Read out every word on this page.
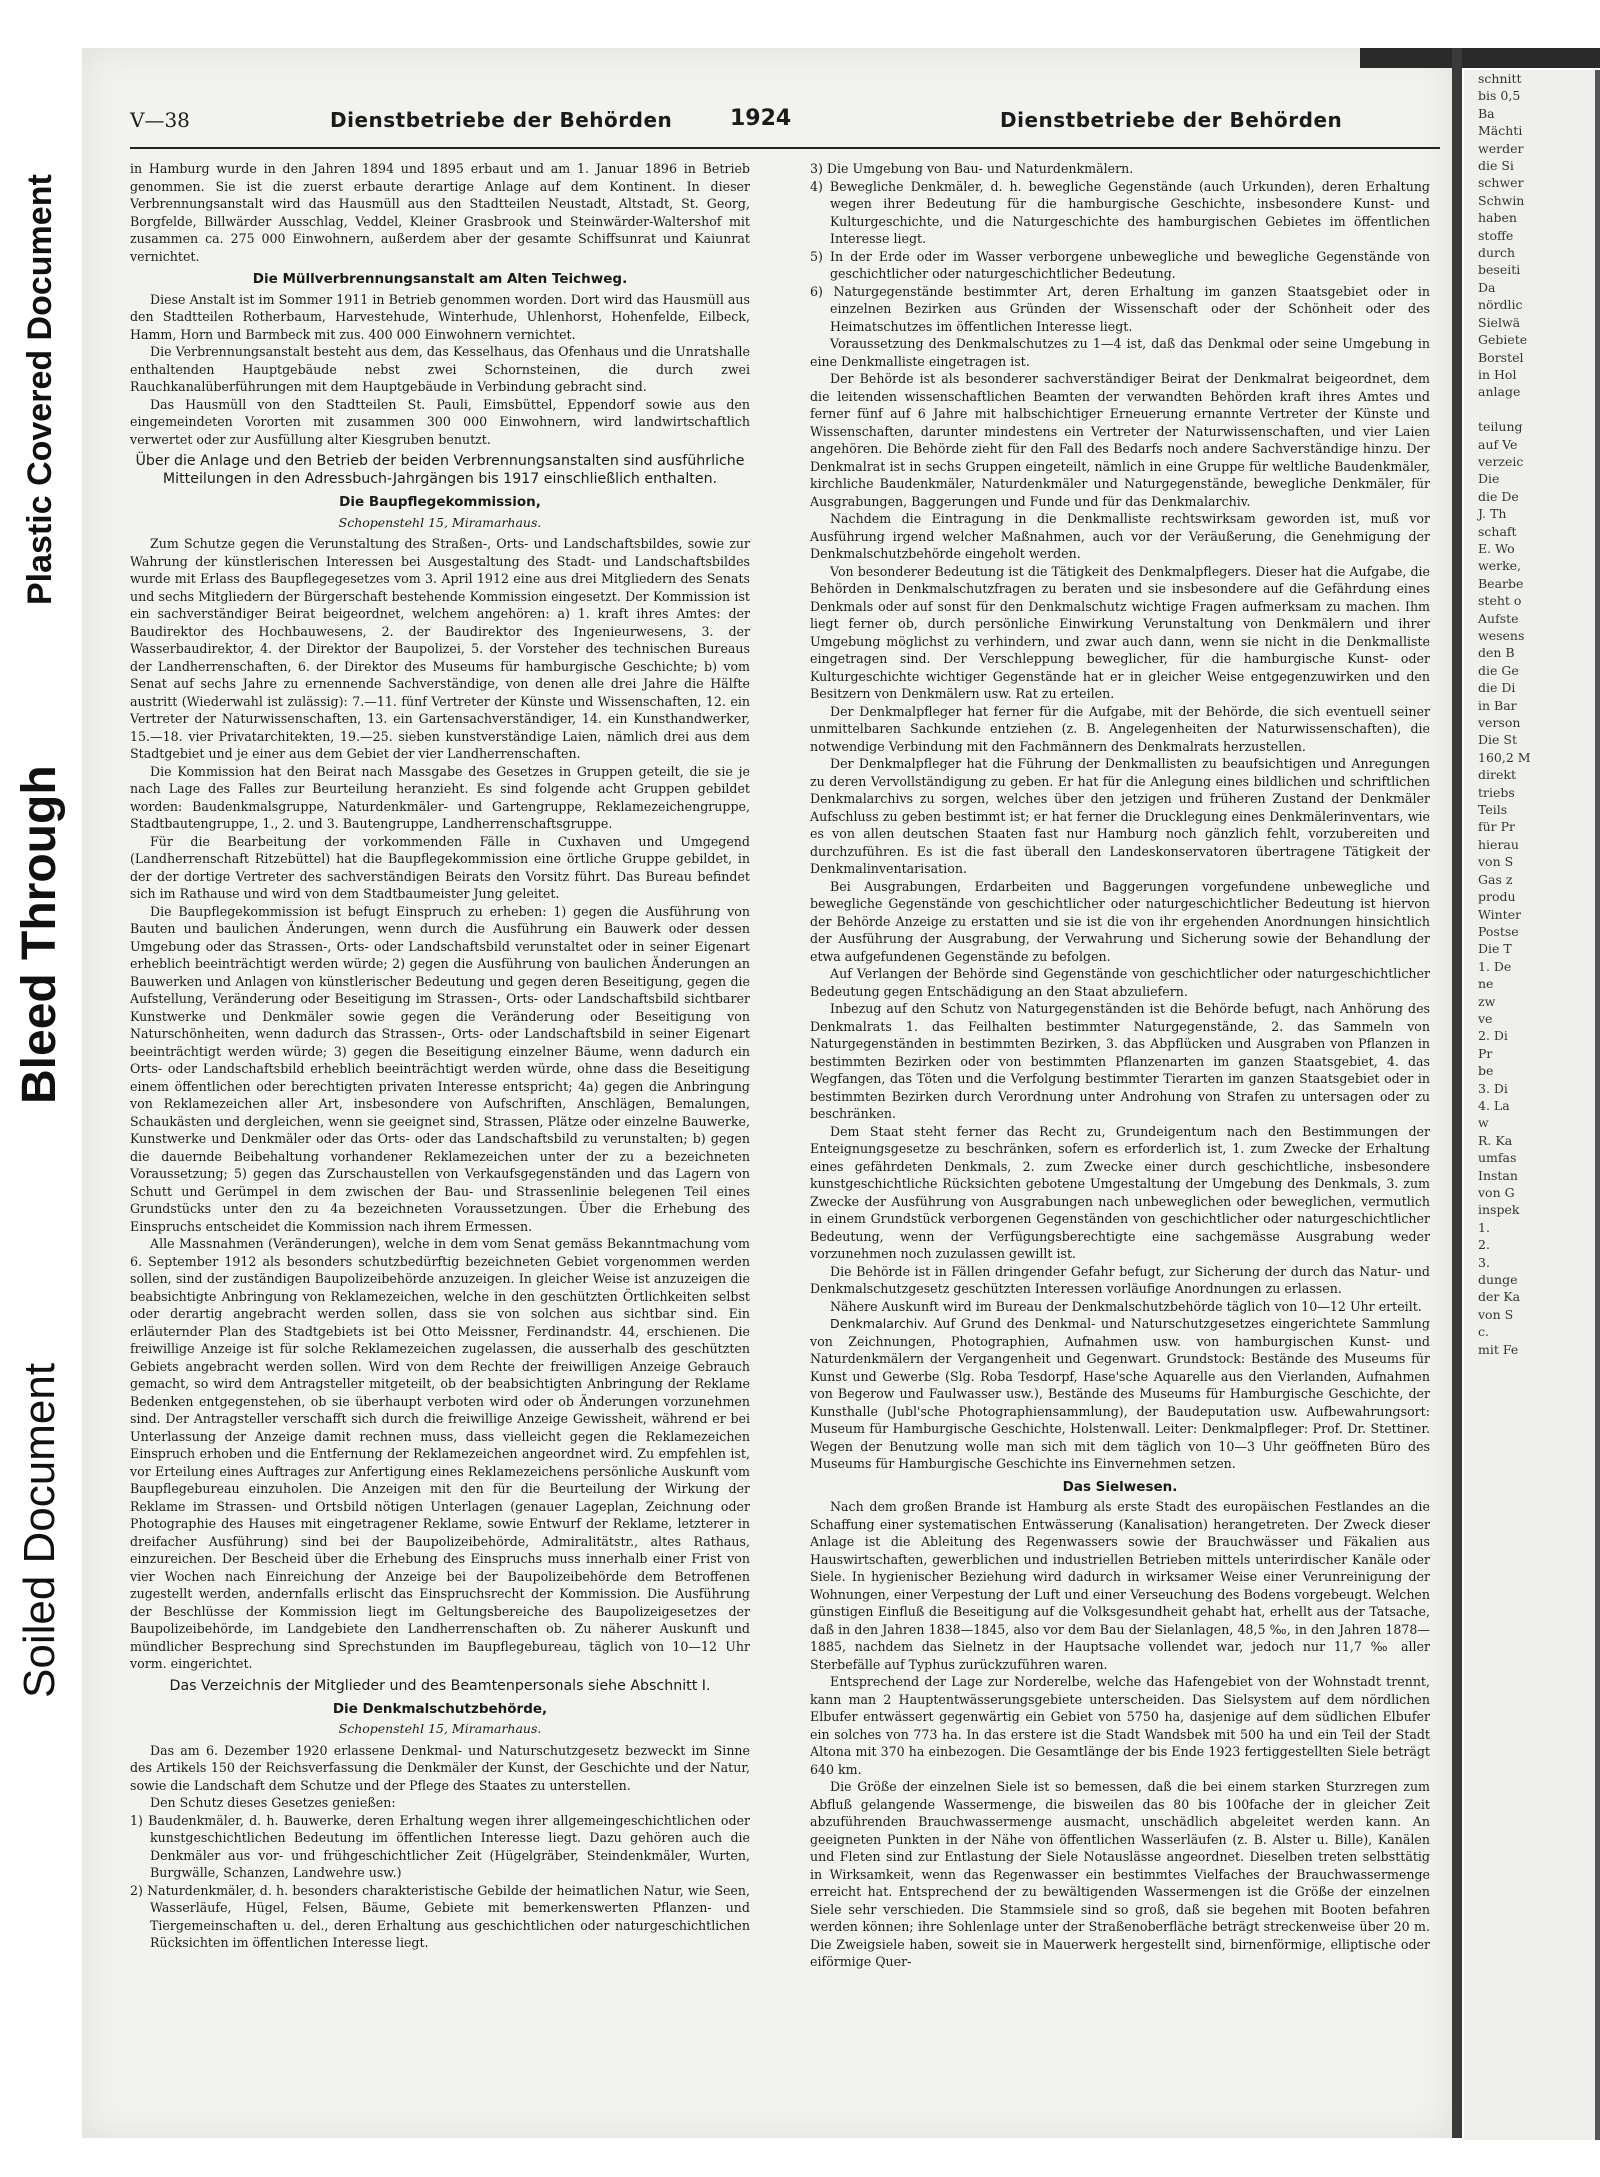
Plastic Covered Document
Bleed Through
Soiled Document
schnitt
bis 0,5
Ba
Mächti
werder
die Si
schwer
Schwin
haben
stoffe
durch
beseiti
Da
nördlic
Sielwä
Gebiete
Borstel
in Hol
anlage

teilung
auf Ve
verzeic
Die
die De
J. Th
schaft
E. Wo
werke,
Bearbe
steht o
Aufste
wesens
den B
die Ge
die Di
in Bar
verson
Die St
160,2 M
direkt
triebs
Teils
für Pr
hierau
von S
Gas z
produ
Winter
Postse
Die T
1. De
ne
zw
ve
2. Di
Pr
be
3. Di
4. La
w
R. Ka
umfas
Instan
von G
inspek
1.
2.
3.
dunge
der Ka
von S
c.
mit Fe
V—38	Dienstbetriebe der Behörden	1924	Dienstbetriebe der Behörden

in Hamburg wurde in den Jahren 1894 und 1895 erbaut und am 1. Januar 1896 in Betrieb genommen. Sie ist die zuerst erbaute derartige Anlage auf dem Kontinent. In dieser Verbrennungsanstalt wird das Hausmüll aus den Stadtteilen Neustadt, Altstadt, St. Georg, Borgfelde, Billwärder Ausschlag, Veddel, Kleiner Grasbrook und Steinwärder-Waltershof mit zusammen ca. 275 000 Einwohnern, außerdem aber der gesamte Schiffsunrat und Kaiunrat vernichtet.

Die Müllverbrennungsanstalt am Alten Teichweg.

Diese Anstalt ist im Sommer 1911 in Betrieb genommen worden. Dort wird das Hausmüll aus den Stadtteilen Rotherbaum, Harvestehude, Winterhude, Uhlenhorst, Hohenfelde, Eilbeck, Hamm, Horn und Barmbeck mit zus. 400 000 Einwohnern vernichtet.

Die Verbrennungsanstalt besteht aus dem, das Kesselhaus, das Ofenhaus und die Unratshalle enthaltenden Hauptgebäude nebst zwei Schornsteinen, die durch zwei Rauchkanalüberführungen mit dem Hauptgebäude in Verbindung gebracht sind.

Das Hausmüll von den Stadtteilen St. Pauli, Eimsbüttel, Eppendorf sowie aus den eingemeindeten Vororten mit zusammen 300 000 Einwohnern, wird landwirtschaftlich verwertet oder zur Ausfüllung alter Kiesgruben benutzt.

Über die Anlage und den Betrieb der beiden Verbrennungsanstalten sind ausführliche Mitteilungen in den Adressbuch-Jahrgängen bis 1917 einschließlich enthalten.
Die Baupflegekommission,
Schopenstehl 15, Miramarhaus.

Zum Schutze gegen die Verunstaltung des Straßen-, Orts- und Landschaftsbildes, sowie zur Wahrung der künstlerischen Interessen bei Ausgestaltung des Stadt- und Landschaftsbildes wurde mit Erlass des Baupflegegesetzes vom 3. April 1912 eine aus drei Mitgliedern des Senats und sechs Mitgliedern der Bürgerschaft bestehende Kommission eingesetzt. Der Kommission ist ein sachverständiger Beirat beigeordnet, welchem angehören: a) 1. kraft ihres Amtes: der Baudirektor des Hochbauwesens, 2. der Baudirektor des Ingenieurwesens, 3. der Wasserbaudirektor, 4. der Direktor der Baupolizei, 5. der Vorsteher des technischen Bureaus der Landherrenschaften, 6. der Direktor des Museums für hamburgische Geschichte; b) vom Senat auf sechs Jahre zu ernennende Sachverständige, von denen alle drei Jahre die Hälfte austritt (Wiederwahl ist zulässig): 7.—11. fünf Vertreter der Künste und Wissenschaften, 12. ein Vertreter der Naturwissenschaften, 13. ein Gartensachverständiger, 14. ein Kunsthandwerker, 15.—18. vier Privatarchitekten, 19.—25. sieben kunstverständige Laien, nämlich drei aus dem Stadtgebiet und je einer aus dem Gebiet der vier Landherrenschaften.

Die Kommission hat den Beirat nach Massgabe des Gesetzes in Gruppen geteilt, die sie je nach Lage des Falles zur Beurteilung heranzieht. Es sind folgende acht Gruppen gebildet worden: Baudenkmalsgruppe, Naturdenkmäler- und Gartengruppe, Reklamezeichengruppe, Stadtbautengruppe, 1., 2. und 3. Bautengruppe, Landherrenschaftsgruppe.

Für die Bearbeitung der vorkommenden Fälle in Cuxhaven und Umgegend (Landherrenschaft Ritzebüttel) hat die Baupflegekommission eine örtliche Gruppe gebildet, in der der dortige Vertreter des sachverständigen Beirats den Vorsitz führt. Das Bureau befindet sich im Rathause und wird von dem Stadtbaumeister Jung geleitet.

Die Baupflegekommission ist befugt Einspruch zu erheben: 1) gegen die Ausführung von Bauten und baulichen Änderungen, wenn durch die Ausführung ein Bauwerk oder dessen Umgebung oder das Strassen-, Orts- oder Landschaftsbild verunstaltet oder in seiner Eigenart erheblich beeinträchtigt werden würde; 2) gegen die Ausführung von baulichen Änderungen an Bauwerken und Anlagen von künstlerischer Bedeutung und gegen deren Beseitigung, gegen die Aufstellung, Veränderung oder Beseitigung im Strassen-, Orts- oder Landschaftsbild sichtbarer Kunstwerke und Denkmäler sowie gegen die Veränderung oder Beseitigung von Naturschönheiten, wenn dadurch das Strassen-, Orts- oder Landschaftsbild in seiner Eigenart beeinträchtigt werden würde; 3) gegen die Beseitigung einzelner Bäume, wenn dadurch ein Orts- oder Landschaftsbild erheblich beeinträchtigt werden würde, ohne dass die Beseitigung einem öffentlichen oder berechtigten privaten Interesse entspricht; 4a) gegen die Anbringung von Reklamezeichen aller Art, insbesondere von Aufschriften, Anschlägen, Bemalungen, Schaukästen und dergleichen, wenn sie geeignet sind, Strassen, Plätze oder einzelne Bauwerke, Kunstwerke und Denkmäler oder das Orts- oder das Landschaftsbild zu verunstalten; b) gegen die dauernde Beibehaltung vorhandener Reklamezeichen unter der zu a bezeichneten Voraussetzung; 5) gegen das Zurschaustellen von Verkaufsgegenständen und das Lagern von Schutt und Gerümpel in dem zwischen der Bau- und Strassenlinie belegenen Teil eines Grundstücks unter den zu 4a bezeichneten Voraussetzungen. Über die Erhebung des Einspruchs entscheidet die Kommission nach ihrem Ermessen.

Alle Massnahmen (Veränderungen), welche in dem vom Senat gemäss Bekanntmachung vom 6. September 1912 als besonders schutzbedürftig bezeichneten Gebiet vorgenommen werden sollen, sind der zuständigen Baupolizeibehörde anzuzeigen. In gleicher Weise ist anzuzeigen die beabsichtigte Anbringung von Reklamezeichen, welche in den geschützten Örtlichkeiten selbst oder derartig angebracht werden sollen, dass sie von solchen aus sichtbar sind. Ein erläuternder Plan des Stadtgebiets ist bei Otto Meissner, Ferdinandstr. 44, erschienen. Die freiwillige Anzeige ist für solche Reklamezeichen zugelassen, die ausserhalb des geschützten Gebiets angebracht werden sollen. Wird von dem Rechte der freiwilligen Anzeige Gebrauch gemacht, so wird dem Antragsteller mitgeteilt, ob der beabsichtigten Anbringung der Reklame Bedenken entgegenstehen, ob sie überhaupt verboten wird oder ob Änderungen vorzunehmen sind. Der Antragsteller verschafft sich durch die freiwillige Anzeige Gewissheit, während er bei Unterlassung der Anzeige damit rechnen muss, dass vielleicht gegen die Reklamezeichen Einspruch erhoben und die Entfernung der Reklamezeichen angeordnet wird. Zu empfehlen ist, vor Erteilung eines Auftrages zur Anfertigung eines Reklamezeichens persönliche Auskunft vom Baupflegebureau einzuholen. Die Anzeigen mit den für die Beurteilung der Wirkung der Reklame im Strassen- und Ortsbild nötigen Unterlagen (genauer Lageplan, Zeichnung oder Photographie des Hauses mit eingetragener Reklame, sowie Entwurf der Reklame, letzterer in dreifacher Ausführung) sind bei der Baupolizeibehörde, Admiralitätstr., altes Rathaus, einzureichen. Der Bescheid über die Erhebung des Einspruchs muss innerhalb einer Frist von vier Wochen nach Einreichung der Anzeige bei der Baupolizeibehörde dem Betroffenen zugestellt werden, andernfalls erlischt das Einspruchsrecht der Kommission. Die Ausführung der Beschlüsse der Kommission liegt im Geltungsbereiche des Baupolizeigesetzes der Baupolizeibehörde, im Landgebiete den Landherrenschaften ob. Zu näherer Auskunft und mündlicher Besprechung sind Sprechstunden im Baupflegebureau, täglich von 10—12 Uhr vorm. eingerichtet.

Das Verzeichnis der Mitglieder und des Beamtenpersonals siehe Abschnitt I.
Die Denkmalschutzbehörde,
Schopenstehl 15, Miramarhaus.

Das am 6. Dezember 1920 erlassene Denkmal- und Naturschutzgesetz bezweckt im Sinne des Artikels 150 der Reichsverfassung die Denkmäler der Kunst, der Geschichte und der Natur, sowie die Landschaft dem Schutze und der Pflege des Staates zu unterstellen.

Den Schutz dieses Gesetzes genießen:

1) Baudenkmäler, d. h. Bauwerke, deren Erhaltung wegen ihrer allgemeingeschichtlichen oder kunstgeschichtlichen Bedeutung im öffentlichen Interesse liegt. Dazu gehören auch die Denkmäler aus vor- und frühgeschichtlicher Zeit (Hügelgräber, Steindenkmäler, Wurten, Burgwälle, Schanzen, Landwehre usw.)

2) Naturdenkmäler, d. h. besonders charakteristische Gebilde der heimatlichen Natur, wie Seen, Wasserläufe, Hügel, Felsen, Bäume, Gebiete mit bemerkenswerten Pflanzen- und Tiergemeinschaften u. del., deren Erhaltung aus geschichtlichen oder naturgeschichtlichen Rücksichten im öffentlichen Interesse liegt.

3) Die Umgebung von Bau- und Naturdenkmälern.

4) Bewegliche Denkmäler, d. h. bewegliche Gegenstände (auch Urkunden), deren Erhaltung wegen ihrer Bedeutung für die hamburgische Geschichte, insbesondere Kunst- und Kulturgeschichte, und die Naturgeschichte des hamburgischen Gebietes im öffentlichen Interesse liegt.

5) In der Erde oder im Wasser verborgene unbewegliche und bewegliche Gegenstände von geschichtlicher oder naturgeschichtlicher Bedeutung.

6) Naturgegenstände bestimmter Art, deren Erhaltung im ganzen Staatsgebiet oder in einzelnen Bezirken aus Gründen der Wissenschaft oder der Schönheit oder des Heimatschutzes im öffentlichen Interesse liegt.

Voraussetzung des Denkmalschutzes zu 1—4 ist, daß das Denkmal oder seine Umgebung in eine Denkmalliste eingetragen ist.

Der Behörde ist als besonderer sachverständiger Beirat der Denkmalrat beigeordnet, dem die leitenden wissenschaftlichen Beamten der verwandten Behörden kraft ihres Amtes und ferner fünf auf 6 Jahre mit halbschichtiger Erneuerung ernannte Vertreter der Künste und Wissenschaften, darunter mindestens ein Vertreter der Naturwissenschaften, und vier Laien angehören. Die Behörde zieht für den Fall des Bedarfs noch andere Sachverständige hinzu. Der Denkmalrat ist in sechs Gruppen eingeteilt, nämlich in eine Gruppe für weltliche Baudenkmäler, kirchliche Baudenkmäler, Naturdenkmäler und Naturgegenstände, bewegliche Denkmäler, für Ausgrabungen, Baggerungen und Funde und für das Denkmalarchiv.

Nachdem die Eintragung in die Denkmalliste rechtswirksam geworden ist, muß vor Ausführung irgend welcher Maßnahmen, auch vor der Veräußerung, die Genehmigung der Denkmalschutzbehörde eingeholt werden.

Von besonderer Bedeutung ist die Tätigkeit des Denkmalpflegers. Dieser hat die Aufgabe, die Behörden in Denkmalschutzfragen zu beraten und sie insbesondere auf die Gefährdung eines Denkmals oder auf sonst für den Denkmalschutz wichtige Fragen aufmerksam zu machen. Ihm liegt ferner ob, durch persönliche Einwirkung Verunstaltung von Denkmälern und ihrer Umgebung möglichst zu verhindern, und zwar auch dann, wenn sie nicht in die Denkmalliste eingetragen sind. Der Verschleppung beweglicher, für die hamburgische Kunst- oder Kulturgeschichte wichtiger Gegenstände hat er in gleicher Weise entgegenzuwirken und den Besitzern von Denkmälern usw. Rat zu erteilen.

Der Denkmalpfleger hat ferner für die Aufgabe, mit der Behörde, die sich eventuell seiner unmittelbaren Sachkunde entziehen (z. B. Angelegenheiten der Naturwissenschaften), die notwendige Verbindung mit den Fachmännern des Denkmalrats herzustellen.

Der Denkmalpfleger hat die Führung der Denkmallisten zu beaufsichtigen und Anregungen zu deren Vervollständigung zu geben. Er hat für die Anlegung eines bildlichen und schriftlichen Denkmalarchivs zu sorgen, welches über den jetzigen und früheren Zustand der Denkmäler Aufschluss zu geben bestimmt ist; er hat ferner die Drucklegung eines Denkmälerinventars, wie es von allen deutschen Staaten fast nur Hamburg noch gänzlich fehlt, vorzubereiten und durchzuführen. Es ist die fast überall den Landeskonservatoren übertragene Tätigkeit der Denkmalinventarisation.

Bei Ausgrabungen, Erdarbeiten und Baggerungen vorgefundene unbewegliche und bewegliche Gegenstände von geschichtlicher oder naturgeschichtlicher Bedeutung ist hiervon der Behörde Anzeige zu erstatten und sie ist die von ihr ergehenden Anordnungen hinsichtlich der Ausführung der Ausgrabung, der Verwahrung und Sicherung sowie der Behandlung der etwa aufgefundenen Gegenstände zu befolgen.

Auf Verlangen der Behörde sind Gegenstände von geschichtlicher oder naturgeschichtlicher Bedeutung gegen Entschädigung an den Staat abzuliefern.

Inbezug auf den Schutz von Naturgegenständen ist die Behörde befugt, nach Anhörung des Denkmalrats 1. das Feilhalten bestimmter Naturgegenstände, 2. das Sammeln von Naturgegenständen in bestimmten Bezirken, 3. das Abpflücken und Ausgraben von Pflanzen in bestimmten Bezirken oder von bestimmten Pflanzenarten im ganzen Staatsgebiet, 4. das Wegfangen, das Töten und die Verfolgung bestimmter Tierarten im ganzen Staatsgebiet oder in bestimmten Bezirken durch Verordnung unter Androhung von Strafen zu untersagen oder zu beschränken.

Dem Staat steht ferner das Recht zu, Grundeigentum nach den Bestimmungen der Enteignungsgesetze zu beschränken, sofern es erforderlich ist, 1. zum Zwecke der Erhaltung eines gefährdeten Denkmals, 2. zum Zwecke einer durch geschichtliche, insbesondere kunstgeschichtliche Rücksichten gebotene Umgestaltung der Umgebung des Denkmals, 3. zum Zwecke der Ausführung von Ausgrabungen nach unbeweglichen oder beweglichen, vermutlich in einem Grundstück verborgenen Gegenständen von geschichtlicher oder naturgeschichtlicher Bedeutung, wenn der Verfügungsberechtigte eine sachgemässe Ausgrabung weder vorzunehmen noch zuzulassen gewillt ist.

Die Behörde ist in Fällen dringender Gefahr befugt, zur Sicherung der durch das Natur- und Denkmalschutzgesetz geschützten Interessen vorläufige Anordnungen zu erlassen.

Nähere Auskunft wird im Bureau der Denkmalschutzbehörde täglich von 10—12 Uhr erteilt.

Denkmalarchiv. Auf Grund des Denkmal- und Naturschutzgesetzes eingerichtete Sammlung von Zeichnungen, Photographien, Aufnahmen usw. von hamburgischen Kunst- und Naturdenkmälern der Vergangenheit und Gegenwart. Grundstock: Bestände des Museums für Kunst und Gewerbe (Slg. Roba Tesdorpf, Hase'sche Aquarelle aus den Vierlanden, Aufnahmen von Begerow und Faulwasser usw.), Bestände des Museums für Hamburgische Geschichte, der Kunsthalle (Jubl'sche Photographiensammlung), der Baudeputation usw. Aufbewahrungsort: Museum für Hamburgische Geschichte, Holstenwall. Leiter: Denkmalpfleger: Prof. Dr. Stettiner. Wegen der Benutzung wolle man sich mit dem täglich von 10—3 Uhr geöffneten Büro des Museums für Hamburgische Geschichte ins Einvernehmen setzen.

Das Sielwesen.

Nach dem großen Brande ist Hamburg als erste Stadt des europäischen Festlandes an die Schaffung einer systematischen Entwässerung (Kanalisation) herangetreten. Der Zweck dieser Anlage ist die Ableitung des Regenwassers sowie der Brauchwässer und Fäkalien aus Hauswirtschaften, gewerblichen und industriellen Betrieben mittels unterirdischer Kanäle oder Siele. In hygienischer Beziehung wird dadurch in wirksamer Weise einer Verunreinigung der Wohnungen, einer Verpestung der Luft und einer Verseuchung des Bodens vorgebeugt. Welchen günstigen Einfluß die Beseitigung auf die Volksgesundheit gehabt hat, erhellt aus der Tatsache, daß in den Jahren 1838—1845, also vor dem Bau der Sielanlagen, 48,5 ‰, in den Jahren 1878—1885, nachdem das Sielnetz in der Hauptsache vollendet war, jedoch nur 11,7 ‰ aller Sterbefälle auf Typhus zurückzuführen waren.

Entsprechend der Lage zur Norderelbe, welche das Hafengebiet von der Wohnstadt trennt, kann man 2 Hauptentwässerungsgebiete unterscheiden. Das Sielsystem auf dem nördlichen Elbufer entwässert gegenwärtig ein Gebiet von 5750 ha, dasjenige auf dem südlichen Elbufer ein solches von 773 ha. In das erstere ist die Stadt Wandsbek mit 500 ha und ein Teil der Stadt Altona mit 370 ha einbezogen. Die Gesamtlänge der bis Ende 1923 fertiggestellten Siele beträgt 640 km.

Die Größe der einzelnen Siele ist so bemessen, daß die bei einem starken Sturzregen zum Abfluß gelangende Wassermenge, die bisweilen das 80 bis 100fache der in gleicher Zeit abzuführenden Brauchwassermenge ausmacht, unschädlich abgeleitet werden kann. An geeigneten Punkten in der Nähe von öffentlichen Wasserläufen (z. B. Alster u. Bille), Kanälen und Fleten sind zur Entlastung der Siele Notauslässe angeordnet. Dieselben treten selbsttätig in Wirksamkeit, wenn das Regenwasser ein bestimmtes Vielfaches der Brauchwassermenge erreicht hat. Entsprechend der zu bewältigenden Wassermengen ist die Größe der einzelnen Siele sehr verschieden. Die Stammsiele sind so groß, daß sie begehen mit Booten befahren werden können; ihre Sohlenlage unter der Straßenoberfläche beträgt streckenweise über 20 m. Die Zweigsiele haben, soweit sie in Mauerwerk hergestellt sind, birnenförmige, elliptische oder eiförmige Quer-
